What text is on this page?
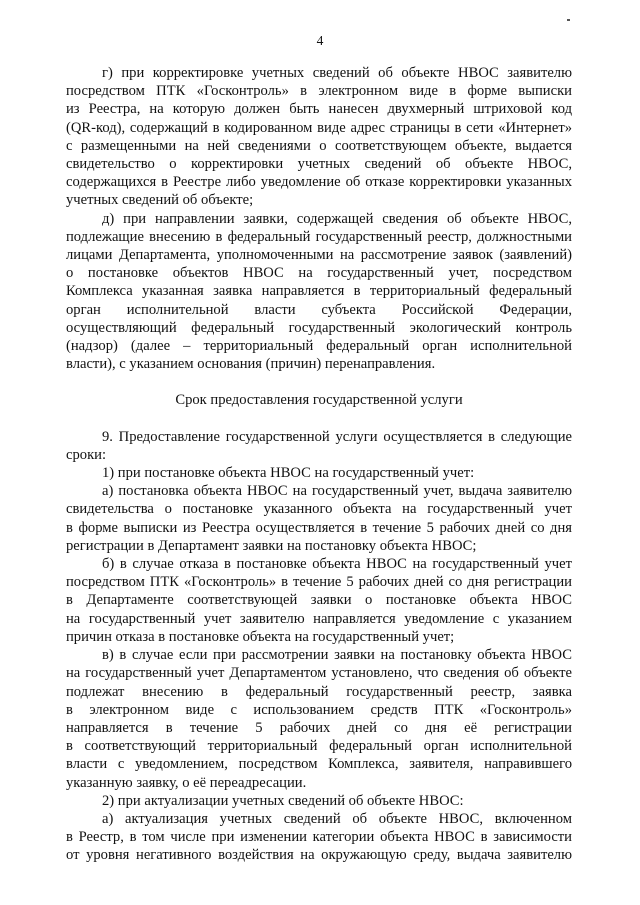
4
г) при корректировке учетных сведений об объекте НВОС заявителю
посредством ПТК «Госконтроль» в электронном виде в форме выписки
из Реестра, на которую должен быть нанесен двухмерный штриховой код
(QR-код), содержащий в кодированном виде адрес страницы в сети «Интернет»
с размещенными на ней сведениями о соответствующем объекте, выдается
свидетельство о корректировки учетных сведений об объекте НВОС,
содержащихся в Реестре либо уведомление об отказе корректировки указанных
учетных сведений об объекте;
д) при направлении заявки, содержащей сведения об объекте НВОС,
подлежащие внесению в федеральный государственный реестр, должностными
лицами Департамента, уполномоченными на рассмотрение заявок (заявлений)
о постановке объектов НВОС на государственный учет, посредством
Комплекса указанная заявка направляется в территориальный федеральный
орган исполнительной власти субъекта Российской Федерации,
осуществляющий федеральный государственный экологический контроль
(надзор) (далее – территориальный федеральный орган исполнительной
власти), с указанием основания (причин) перенаправления.
Срок предоставления государственной услуги
9. Предоставление государственной услуги осуществляется в следующие
сроки:
1) при постановке объекта НВОС на государственный учет:
а) постановка объекта НВОС на государственный учет, выдача заявителю
свидетельства о постановке указанного объекта на государственный учет
в форме выписки из Реестра осуществляется в течение 5 рабочих дней со дня
регистрации в Департамент заявки на постановку объекта НВОС;
б) в случае отказа в постановке объекта НВОС на государственный учет
посредством ПТК «Госконтроль» в течение 5 рабочих дней со дня регистрации
в Департаменте соответствующей заявки о постановке объекта НВОС
на государственный учет заявителю направляется уведомление с указанием
причин отказа в постановке объекта на государственный учет;
в) в случае если при рассмотрении заявки на постановку объекта НВОС
на государственный учет Департаментом установлено, что сведения об объекте
подлежат внесению в федеральный государственный реестр, заявка
в электронном виде с использованием средств ПТК «Госконтроль»
направляется в течение 5 рабочих дней со дня её регистрации
в соответствующий территориальный федеральный орган исполнительной
власти с уведомлением, посредством Комплекса, заявителя, направившего
указанную заявку, о её переадресации.
2) при актуализации учетных сведений об объекте НВОС:
а) актуализация учетных сведений об объекте НВОС, включенном
в Реестр, в том числе при изменении категории объекта НВОС в зависимости
от уровня негативного воздействия на окружающую среду, выдача заявителю
